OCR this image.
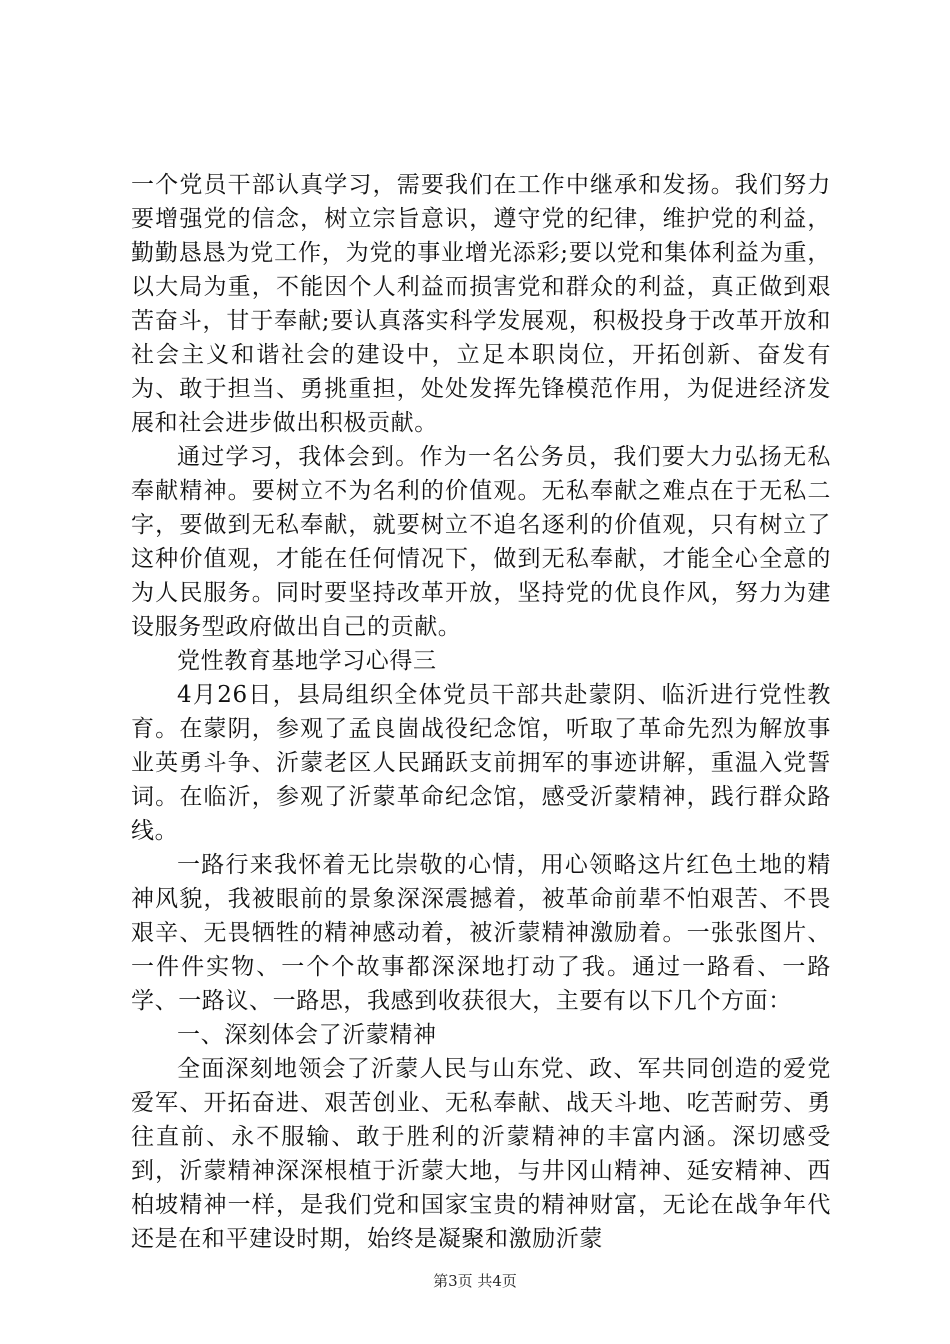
一个党员干部认真学习，需要我们在工作中继承和发扬。我们努力要增强党的信念，树立宗旨意识，遵守党的纪律，维护党的利益，勤勤恳恳为党工作，为党的事业增光添彩;要以党和集体利益为重，以大局为重，不能因个人利益而损害党和群众的利益，真正做到艰苦奋斗，甘于奉献;要认真落实科学发展观，积极投身于改革开放和社会主义和谐社会的建设中，立足本职岗位，开拓创新、奋发有为、敢于担当、勇挑重担，处处发挥先锋模范作用，为促进经济发展和社会进步做出积极贡献。

通过学习，我体会到。作为一名公务员，我们要大力弘扬无私奉献精神。要树立不为名利的价值观。无私奉献之难点在于无私二字，要做到无私奉献，就要树立不追名逐利的价值观，只有树立了这种价值观，才能在任何情况下，做到无私奉献，才能全心全意的为人民服务。同时要坚持改革开放，坚持党的优良作风，努力为建设服务型政府做出自己的贡献。

党性教育基地学习心得三

4月26日，县局组织全体党员干部共赴蒙阴、临沂进行党性教育。在蒙阴，参观了孟良崮战役纪念馆，听取了革命先烈为解放事业英勇斗争、沂蒙老区人民踊跃支前拥军的事迹讲解，重温入党誓词。在临沂，参观了沂蒙革命纪念馆，感受沂蒙精神，践行群众路线。

一路行来我怀着无比崇敬的心情，用心领略这片红色土地的精神风貌，我被眼前的景象深深震撼着，被革命前辈不怕艰苦、不畏艰辛、无畏牺牲的精神感动着，被沂蒙精神激励着。一张张图片、一件件实物、一个个故事都深深地打动了我。通过一路看、一路学、一路议、一路思，我感到收获很大，主要有以下几个方面：

一、深刻体会了沂蒙精神

全面深刻地领会了沂蒙人民与山东党、政、军共同创造的爱党爱军、开拓奋进、艰苦创业、无私奉献、战天斗地、吃苦耐劳、勇往直前、永不服输、敢于胜利的沂蒙精神的丰富内涵。深切感受到，沂蒙精神深深根植于沂蒙大地，与井冈山精神、延安精神、西柏坡精神一样，是我们党和国家宝贵的精神财富，无论在战争年代还是在和平建设时期，始终是凝聚和激励沂蒙

第3页 共4页
